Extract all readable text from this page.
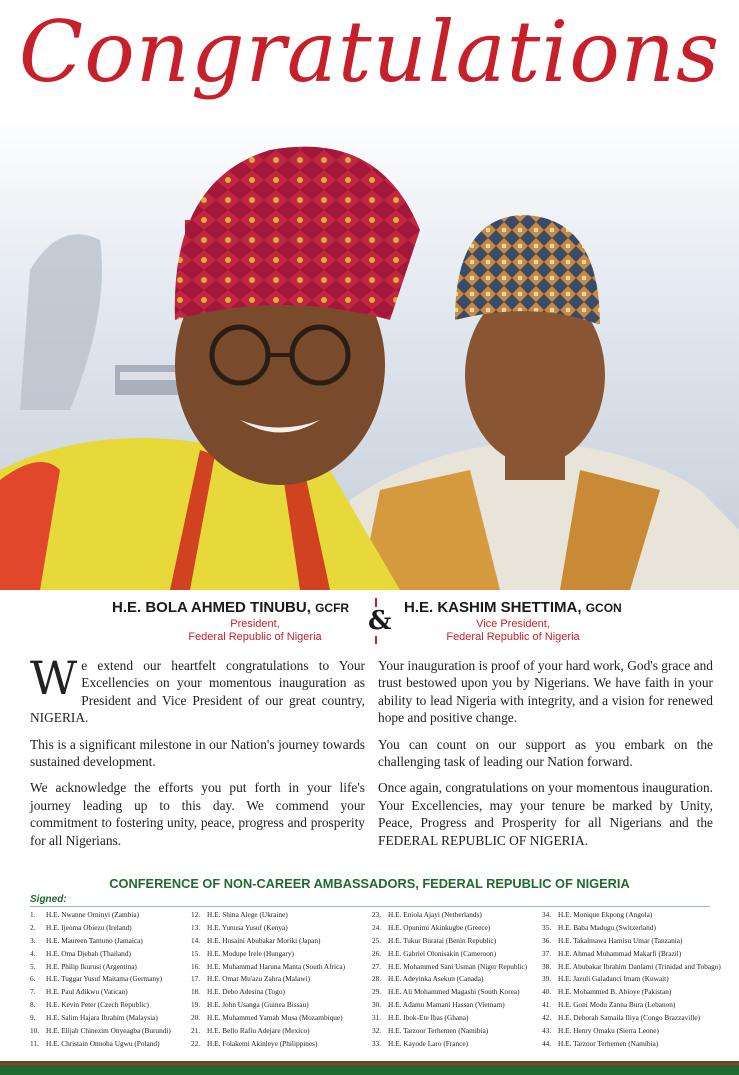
Congratulations
H.E. BOLA AHMED TINUBU, GCFR
President,
Federal Republic of Nigeria
& H.E. KASHIM SHETTIMA, GCON
Vice President,
Federal Republic of Nigeria

We extend our heartfelt congratulations to Your Excellencies on your momentous inauguration as President and Vice President of our great country, NIGERIA.

This is a significant milestone in our Nation's journey towards sustained development.

We acknowledge the efforts you put forth in your life's journey leading up to this day. We commend your commitment to fostering unity, peace, progress and prosperity for all Nigerians.

Your inauguration is proof of your hard work, God's grace and trust bestowed upon you by Nigerians. We have faith in your ability to lead Nigeria with integrity, and a vision for renewed hope and positive change.

You can count on our support as you embark on the challenging task of leading our Nation forward.

Once again, congratulations on your momentous inauguration. Your Excellencies, may your tenure be marked by Unity, Peace, Progress and Prosperity for all Nigerians and the FEDERAL REPUBLIC OF NIGERIA.

CONFERENCE OF NON-CAREER AMBASSADORS, FEDERAL REPUBLIC OF NIGERIA
Signed:
1. H.E. Nwanne Orninyi (Zambia)
2. H.E. Ijeoma Obiezu (Ireland)
3. H.E. Maureen Tamuno (Jamaica)
4. H.E. Oma Djebah (Thailand)
5. H.E. Philip Ikurusi (Argentina)
6. H.E. Tuggar Yusuf Maitama (Germany)
7. H.E. Paul Adikwu (Vatican)
8. H.E. Kevin Peter (Czech Republic)
9. H.E. Salim Hajara Ibrahim (Malaysia)
10. H.E. Elijah Chinezim Onyeagba (Burundi)
11. H.E. Christain Onuoha Ugwu (Poland)
12. H.E. Shina Alege (Ukraine)
13. H.E. Yunusa Yusuf (Kenya)
14. H.E. Husaini Abubakar Moriki (Japan)
15. H.E. Modupe Irele (Hungary)
16. H.E. Muhammad Haruna Manta (South Africa)
17. H.E. Omar Mu'azu Zahra (Malawi)
18. H.E. Debo Adesina (Togo)
19. H.E. John Usanga (Guinea Bissau)
20. H.E. Muhammed Yamah Musa (Mozambique)
21. H.E. Bello Rafiu Adejare (Mexico)
22. H.E. Folakemi Akinleye (Philippines)
23. H.E. Eniola Ajayi (Netherlands)
24. H.E. Opunimi Akinkugbe (Greece)
25. H.E. Tukur Buratai (Benin Republic)
26. H.E. Gabriel Olonisakin (Cameroon)
27. H.E. Mohammed Sani Usman (Niger Republic)
28. H.E. Adeyinka Asekun (Canada)
29. H.E. Ali Mohammed Magashi (South Korea)
30. H.E. Adamu Mamani Hassan (Vietnam)
31. H.E. Ibok-Ete Ibas (Ghana)
32. H.E. Tarzoor Terhemen (Namibia)
33. H.E. Kayode Laro (France)
34. H.E. Monique Ekpong (Angola)
35. H.E. Baba Madugu (Switzerland)
36. H.E. Takalmawa Hamisu Umar (Tanzania)
37. H.E. Ahmad Muhammad Makarfi (Brazil)
38. H.E. Abubakar Ibrahim Danlami (Trinidad and Tobago)
39. H.E. Jazuli Galadanci Imam (Kuwait)
40. H.E. Mohammed B. Abioye (Pakistan)
41. H.E. Goni Modu Zanna Bura (Lebanon)
42. H.E. Deborah Samaila Iliya (Congo Brazzaville)
43. H.E. Henry Omaku (Sierra Leone)
44. H.E. Tarzoor Terhemen (Namibia)
